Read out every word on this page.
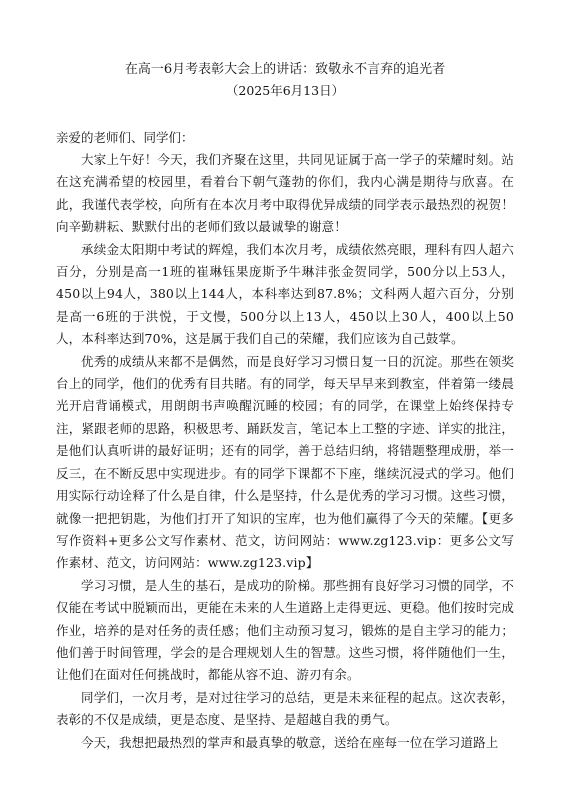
在高一6月考表彰大会上的讲话：致敬永不言弃的追光者
（2025年6月13日）
亲爱的老师们、同学们：

大家上午好！今天，我们齐聚在这里，共同见证属于高一学子的荣耀时刻。站在这充满希望的校园里，看着台下朝气蓬勃的你们，我内心满是期待与欣喜。在此，我谨代表学校，向所有在本次月考中取得优异成绩的同学表示最热烈的祝贺！向辛勤耕耘、默默付出的老师们致以最诚挚的谢意！

承续金太阳期中考试的辉煌，我们本次月考，成绩依然亮眼，理科有四人超六百分，分别是高一1班的崔琳钰果庞斯予牛琳沣张金贺同学，500分以上53人，450以上94人，380以上144人，本科率达到87.8%；文科两人超六百分，分别是高一6班的于洪悦，于文慢，500分以上13人，450以上30人，400以上50人，本科率达到70%，这是属于我们自己的荣耀，我们应该为自己鼓掌。

优秀的成绩从来都不是偶然，而是良好学习习惯日复一日的沉淀。那些在领奖台上的同学，他们的优秀有目共睹。有的同学，每天早早来到教室，伴着第一缕晨光开启背诵模式，用朗朗书声唤醒沉睡的校园；有的同学，在课堂上始终保持专注，紧跟老师的思路，积极思考、踊跃发言，笔记本上工整的字迹、详实的批注，是他们认真听讲的最好证明；还有的同学，善于总结归纳，将错题整理成册，举一反三，在不断反思中实现进步。有的同学下课都不下座，继续沉浸式的学习。他们用实际行动诠释了什么是自律，什么是坚持，什么是优秀的学习习惯。这些习惯，就像一把把钥匙，为他们打开了知识的宝库，也为他们赢得了今天的荣耀。【更多写作资料+更多公文写作素材、范文，访问网站：www.zg123.vip：更多公文写作素材、范文，访问网站：www.zg123.vip】

学习习惯，是人生的基石，是成功的阶梯。那些拥有良好学习习惯的同学，不仅能在考试中脱颖而出，更能在未来的人生道路上走得更远、更稳。他们按时完成作业，培养的是对任务的责任感；他们主动预习复习，锻炼的是自主学习的能力；他们善于时间管理，学会的是合理规划人生的智慧。这些习惯，将伴随他们一生，让他们在面对任何挑战时，都能从容不迫、游刃有余。

同学们，一次月考，是对过往学习的总结，更是未来征程的起点。这次表彰，表彰的不仅是成绩，更是态度、是坚持、是超越自我的勇气。

今天，我想把最热烈的掌声和最真挚的敬意，送给在座每一位在学习道路上
